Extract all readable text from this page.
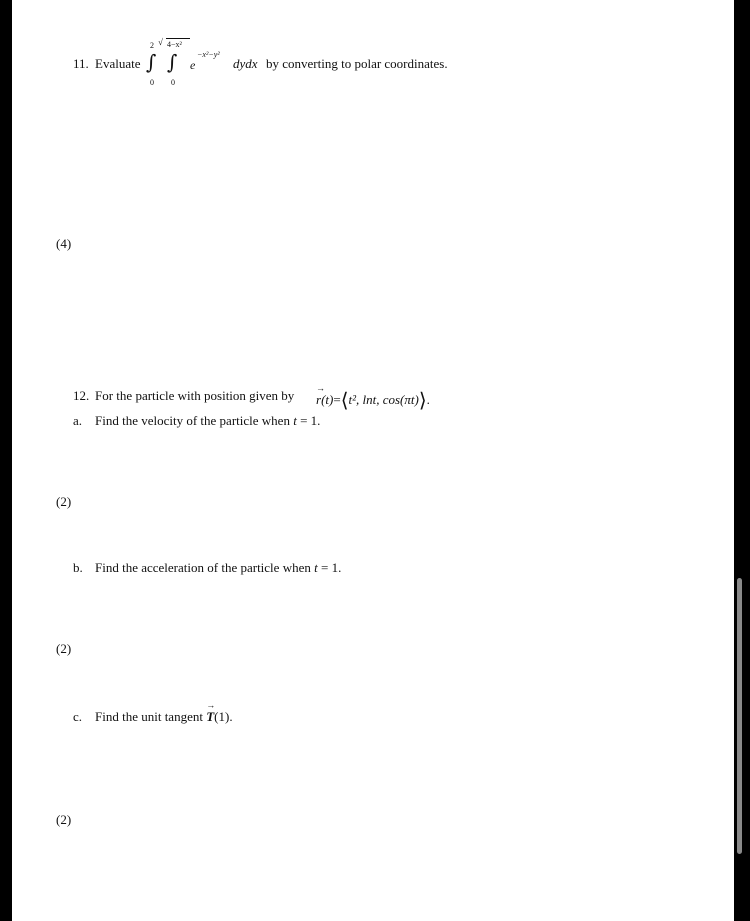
11. Evaluate ∫
2
0
∫
√ 4−x²
0
e
−x²−y²
dydx by converting to polar coordinates.
(4)
12. For the particle with position given by →
r(t)=⟨t², lnt, cos(πt)⟩.
a. Find the velocity of the particle when t = 1.
(2)
b. Find the acceleration of the particle when t = 1.
(2)
c. Find the unit tangent
→
T(1).
(2)
